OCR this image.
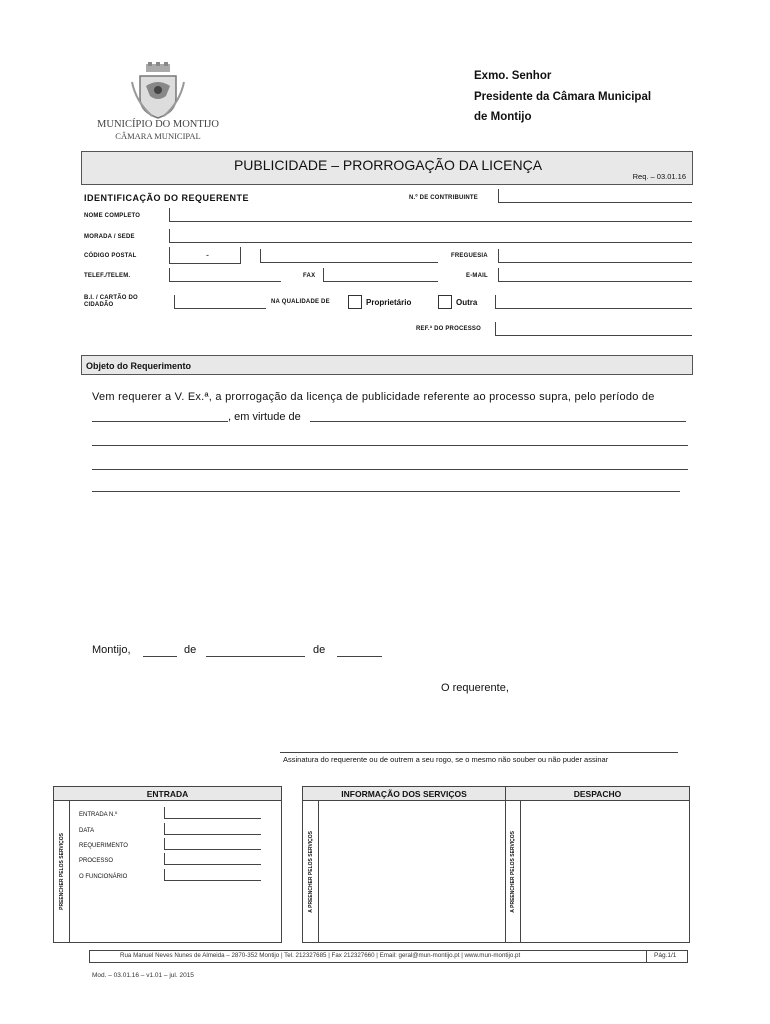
MUNICÍPIO DO MONTIJO
CÂMARA MUNICIPAL
Exmo. Senhor
Presidente da Câmara Municipal
de Montijo
PUBLICIDADE – PRORROGAÇÃO DA LICENÇA
Req. – 03.01.16
IDENTIFICAÇÃO DO REQUERENTE	N.º DE CONTRIBUINTE
NOME COMPLETO
MORADA / SEDE
CÓDIGO POSTAL	-	FREGUESIA
TELEF./TELEM.	FAX	E-MAIL
B.I. / CARTÃO DO
CIDADÃO	NA QUALIDADE DE	Proprietário	Outra
REF.ª DO PROCESSO
Objeto do Requerimento
Vem requerer a V. Ex.ª, a prorrogação da licença de publicidade referente ao processo supra, pelo período de
, em virtude de
Montijo,	de	de
O requerente,
Assinatura do requerente ou de outrem a seu rogo, se o mesmo não souber ou não puder assinar
ENTRADA
PREENCHER PELOS SERVIÇOS
ENTRADA N.º
DATA
REQUERIMENTO
PROCESSO
O FUNCIONÁRIO
INFORMAÇÃO DOS SERVIÇOS	DESPACHO
A PREENCHER PELOS SERVIÇOS	A PREENCHER PELOS SERVIÇOS
Rua Manuel Neves Nunes de Almeida – 2870-352 Montijo | Tel. 212327685 | Fax 212327660 | Email: geral@mun-montijo.pt | www.mun-montijo.pt	Pág.1/1
Mod. – 03.01.16 – v1.01 – jul. 2015
